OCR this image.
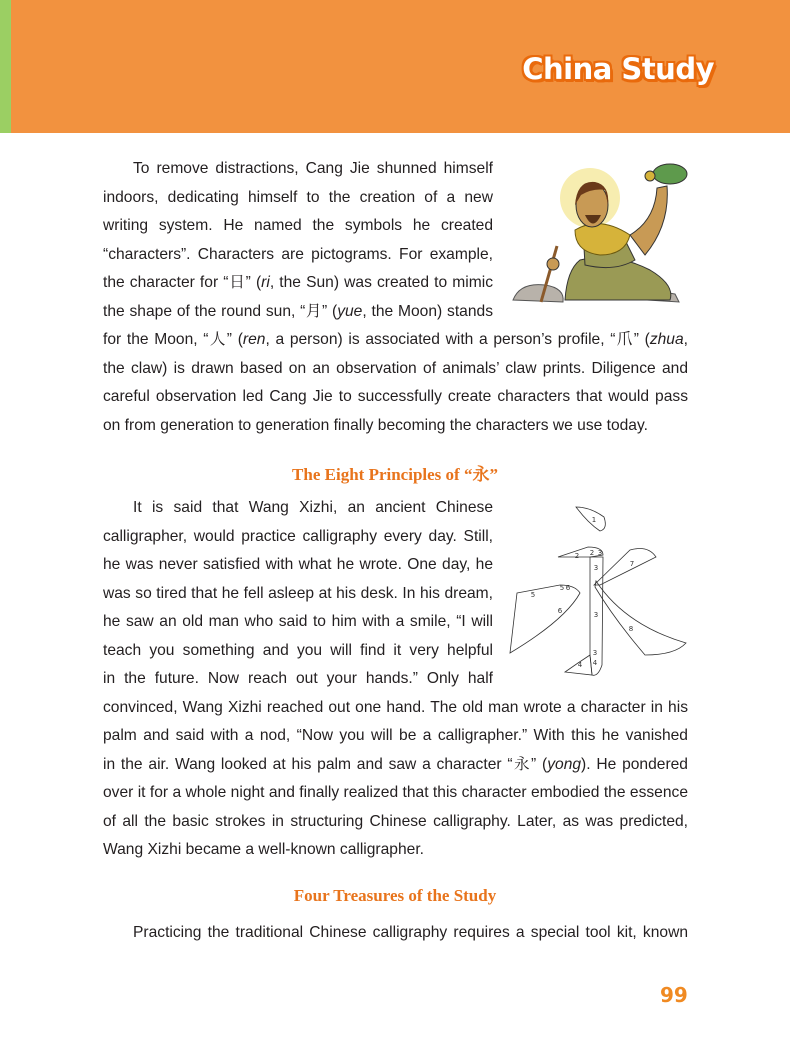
China Study
To remove distractions, Cang Jie shunned himself
indoors, dedicating himself to the creation of a new
writing system. He named the symbols he created
“characters”. Characters are pictograms. For example,
the character for “日” (ri, the Sun) was created to mimic
the shape of the round sun, “月” (yue, the Moon) stands
for the Moon, “人” (ren, a person) is associated with a person’s profile, “爪” (zhua,
the claw) is drawn based on an observation of animals’ claw prints. Diligence and
careful observation led Cang Jie to successfully create characters that would pass
on from generation to generation finally becoming the characters we use today.
The Eight Principles of “永”
It is said that Wang Xizhi, an ancient Chinese
calligrapher, would practice calligraphy every day. Still,
he was never satisfied with what he wrote. One day, he
was so tired that he fell asleep at his desk. In his dream,
he saw an old man who said to him with a smile, “I will
teach you something and you will find it very helpful
in the future. Now reach out your hands.” Only half
convinced, Wang Xizhi reached out one hand. The old man wrote a character in his
palm and said with a nod, “Now you will be a calligrapher.” With this he vanished
in the air. Wang looked at his palm and saw a character “永” (yong). He pondered
over it for a whole night and finally realized that this character embodied the essence
of all the basic strokes in structuring Chinese calligraphy. Later, as was predicted,
Wang Xizhi became a well-known calligrapher.
Four Treasures of the Study
Practicing the traditional Chinese calligraphy requires a special tool kit, known
1
2 2 3
3
3
3
4 4
5
5
6
6
7
8
99
